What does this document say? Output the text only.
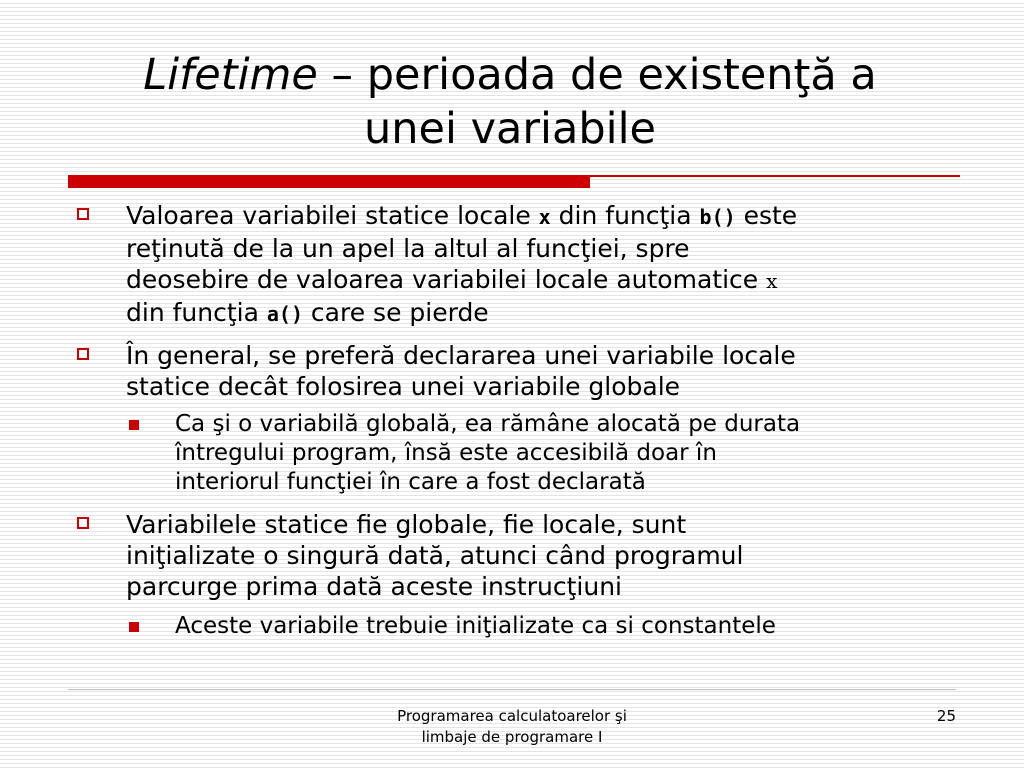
Lifetime – perioada de existenţă a
unei variabile
Valoarea variabilei statice locale x din funcţia b() este
reţinută de la un apel la altul al funcţiei, spre
deosebire de valoarea variabilei locale automatice x
din funcţia a() care se pierde
În general, se preferă declararea unei variabile locale
statice decât folosirea unei variabile globale
Ca şi o variabilă globală, ea rămâne alocată pe durata
întregului program, însă este accesibilă doar în
interiorul funcţiei în care a fost declarată
Variabilele statice fie globale, fie locale, sunt
iniţializate o singură dată, atunci când programul
parcurge prima dată aceste instrucţiuni
Aceste variabile trebuie iniţializate ca si constantele
Programarea calculatoarelor şi
limbaje de programare I
25
